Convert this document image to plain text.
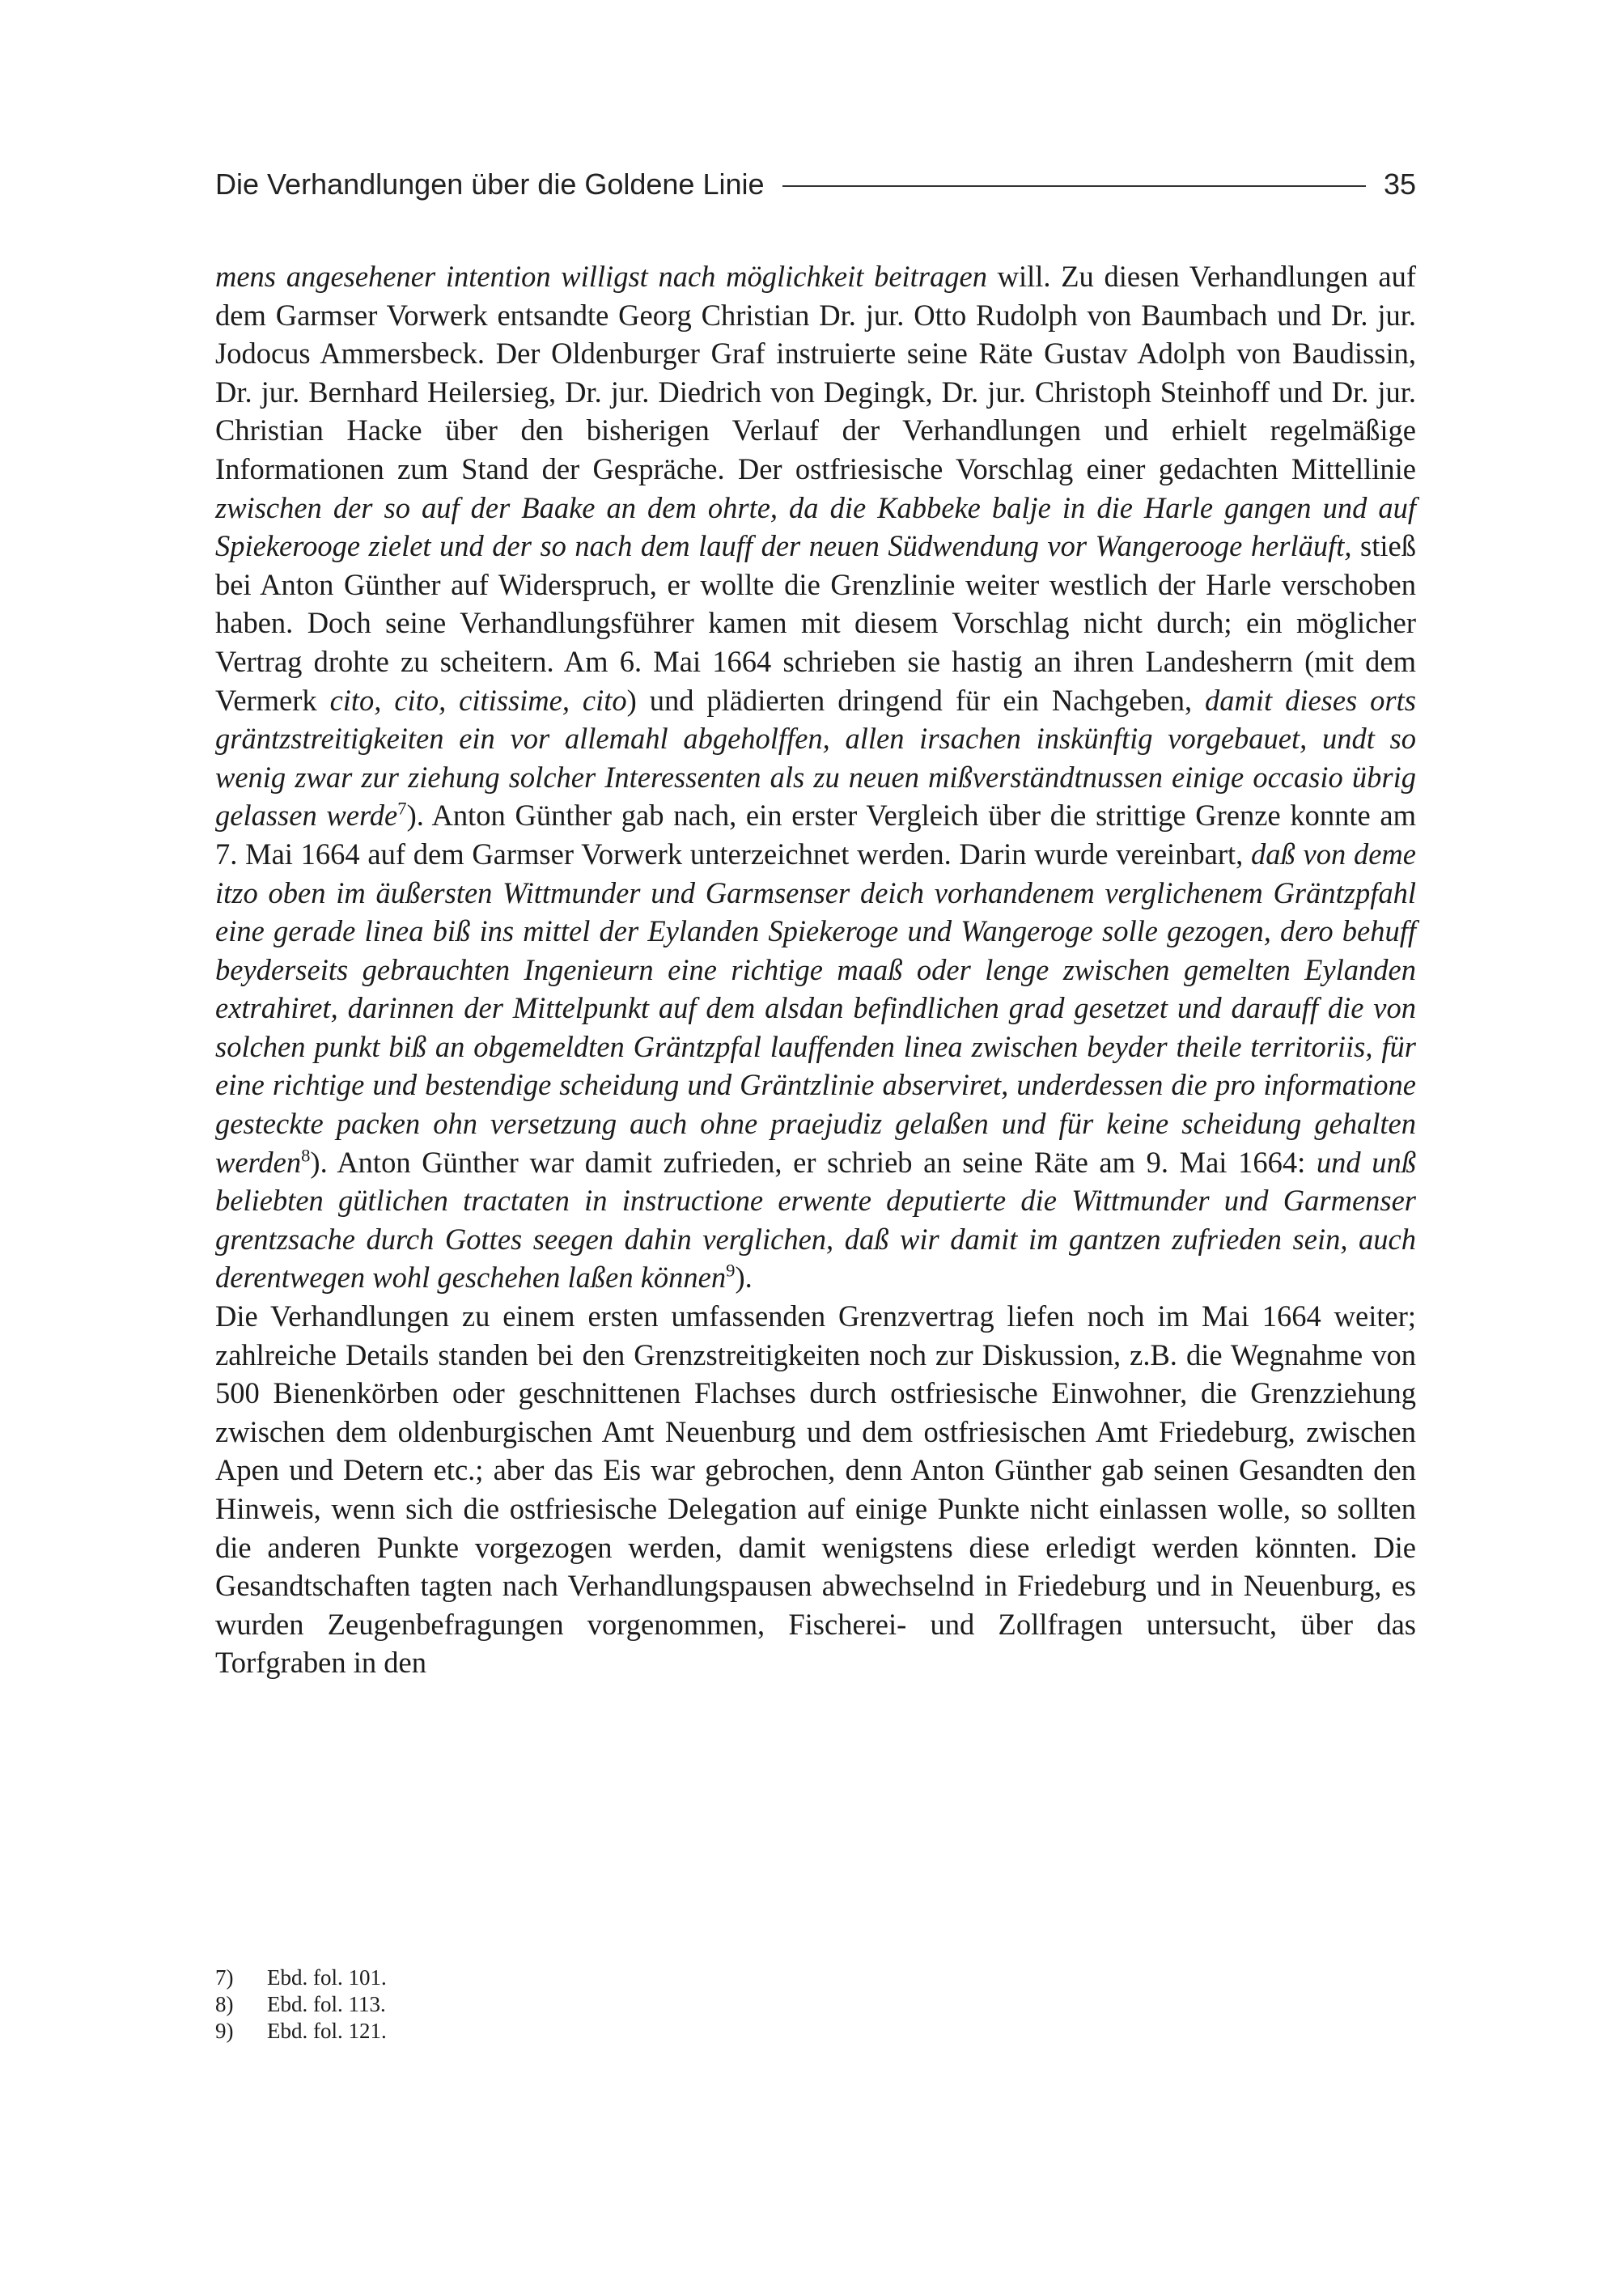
Die Verhandlungen über die Goldene Linie	35

mens angesehener intention willigst nach möglichkeit beitragen will. Zu diesen Verhandlungen auf dem Garmser Vorwerk entsandte Georg Christian Dr. jur. Otto Rudolph von Baumbach und Dr. jur. Jodocus Ammersbeck. Der Oldenburger Graf instruierte seine Räte Gustav Adolph von Baudissin, Dr. jur. Bernhard Heilersieg, Dr. jur. Diedrich von Degingk, Dr. jur. Christoph Steinhoff und Dr. jur. Christian Hacke über den bisherigen Verlauf der Verhandlungen und erhielt regelmäßige Informationen zum Stand der Gespräche. Der ostfriesische Vorschlag einer gedachten Mittellinie zwischen der so auf der Baake an dem ohrte, da die Kabbeke balje in die Harle gangen und auf Spiekerooge zielet und der so nach dem lauff der neuen Südwendung vor Wangerooge herläuft, stieß bei Anton Günther auf Widerspruch, er wollte die Grenzlinie weiter westlich der Harle verschoben haben. Doch seine Verhandlungsführer kamen mit diesem Vorschlag nicht durch; ein möglicher Vertrag drohte zu scheitern. Am 6. Mai 1664 schrieben sie hastig an ihren Landesherrn (mit dem Vermerk cito, cito, citissime, cito) und plädierten dringend für ein Nachgeben, damit dieses orts gräntzstreitigkeiten ein vor allemahl abgeholffen, allen irsachen inskünftig vorgebauet, undt so wenig zwar zur ziehung solcher Interessenten als zu neuen mißverständtnussen einige occasio übrig gelassen werde$^7$). Anton Günther gab nach, ein erster Vergleich über die strittige Grenze konnte am 7. Mai 1664 auf dem Garmser Vorwerk unterzeichnet werden. Darin wurde vereinbart, daß von deme itzo oben im äußersten Wittmunder und Garmsenser deich vorhandenem verglichenem Gräntzpfahl eine gerade linea biß ins mittel der Eylanden Spiekeroge und Wangeroge solle gezogen, dero behuff beyderseits gebrauchten Ingenieurn eine richtige maaß oder lenge zwischen gemelten Eylanden extrahiret, darinnen der Mittelpunkt auf dem alsdan befindlichen grad gesetzet und darauff die von solchen punkt biß an obgemeldten Gräntzpfal lauffenden linea zwischen beyder theile territoriis, für eine richtige und bestendige scheidung und Gräntzlinie abserviret, underdessen die pro informatione gesteckte packen ohn versetzung auch ohne praejudiz gelaßen und für keine scheidung gehalten werden$^8$). Anton Günther war damit zufrieden, er schrieb an seine Räte am 9. Mai 1664: und unß beliebten gütlichen tractaten in instructione erwente deputierte die Wittmunder und Garmenser grentzsache durch Gottes seegen dahin verglichen, daß wir damit im gantzen zufrieden sein, auch derentwegen wohl geschehen laßen können$^9$).

Die Verhandlungen zu einem ersten umfassenden Grenzvertrag liefen noch im Mai 1664 weiter; zahlreiche Details standen bei den Grenzstreitigkeiten noch zur Diskussion, z.B. die Wegnahme von 500 Bienenkörben oder geschnittenen Flachses durch ostfriesische Einwohner, die Grenzziehung zwischen dem oldenburgischen Amt Neuenburg und dem ostfriesischen Amt Friedeburg, zwischen Apen und Detern etc.; aber das Eis war gebrochen, denn Anton Günther gab seinen Gesandten den Hinweis, wenn sich die ostfriesische Delegation auf einige Punkte nicht einlassen wolle, so sollten die anderen Punkte vorgezogen werden, damit wenigstens diese erledigt werden könnten. Die Gesandtschaften tagten nach Verhandlungspausen abwechselnd in Friedeburg und in Neuenburg, es wurden Zeugenbefragungen vorgenommen, Fischerei- und Zollfragen untersucht, über das Torfgraben in den

7)	Ebd. fol. 101.
8)	Ebd. fol. 113.
9)	Ebd. fol. 121.
